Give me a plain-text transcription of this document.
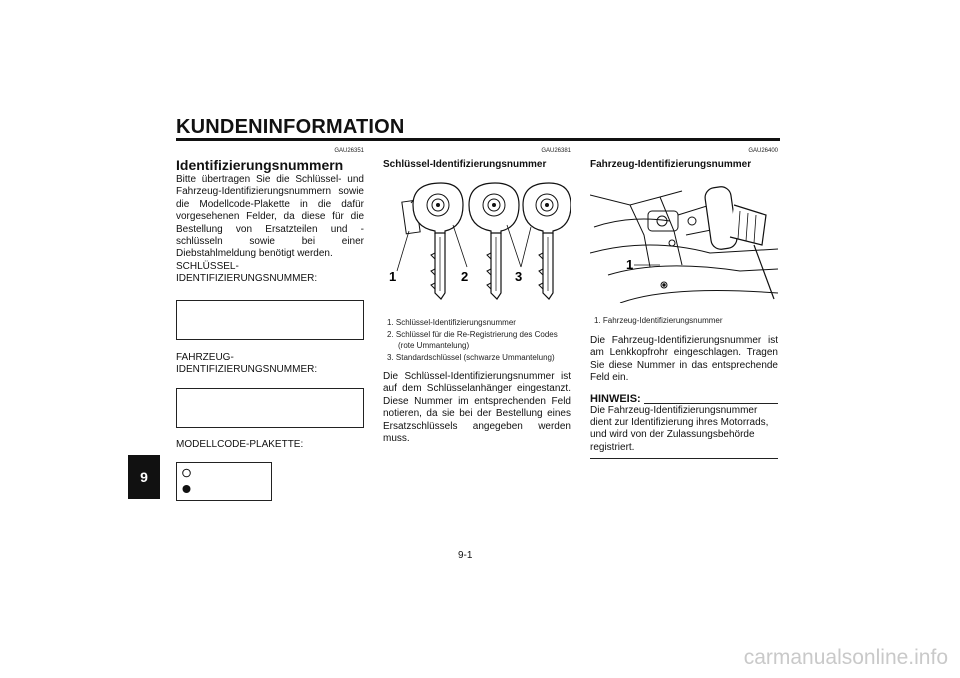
KUNDENINFORMATION
9
GAU26351
Identifizierungsnummern
Bitte übertragen Sie die Schlüssel- und Fahrzeug-Identifizierungsnummern sowie die Modellcode-Plakette in die dafür vorgesehenen Felder, da diese für die Bestellung von Ersatzteilen und -schlüsseln sowie bei einer Diebstahlmeldung benötigt werden.
SCHLÜSSEL-
IDENTIFIZIERUNGSNUMMER:
FAHRZEUG-
IDENTIFIZIERUNGSNUMMER:
MODELLCODE-PLAKETTE:
GAU26381
Schlüssel-Identifizierungsnummer
1	2	3
1. Schlüssel-Identifizierungsnummer
2. Schlüssel für die Re-Registrierung des Codes (rote Ummantelung)
3. Standardschlüssel (schwarze Ummantelung)
Die Schlüssel-Identifizierungsnummer ist auf dem Schlüsselanhänger eingestanzt. Diese Nummer im entsprechenden Feld notieren, da sie bei der Bestellung eines Ersatzschlüssels angegeben werden muss.
GAU26400
Fahrzeug-Identifizierungsnummer
1
1. Fahrzeug-Identifizierungsnummer
Die Fahrzeug-Identifizierungsnummer ist am Lenkkopfrohr eingeschlagen. Tragen Sie diese Nummer in das entsprechende Feld ein.
HINWEIS:
Die Fahrzeug-Identifizierungsnummer dient zur Identifizierung ihres Motorrads, und wird von der Zulassungsbehörde registriert.
9-1
carmanualsonline.info
